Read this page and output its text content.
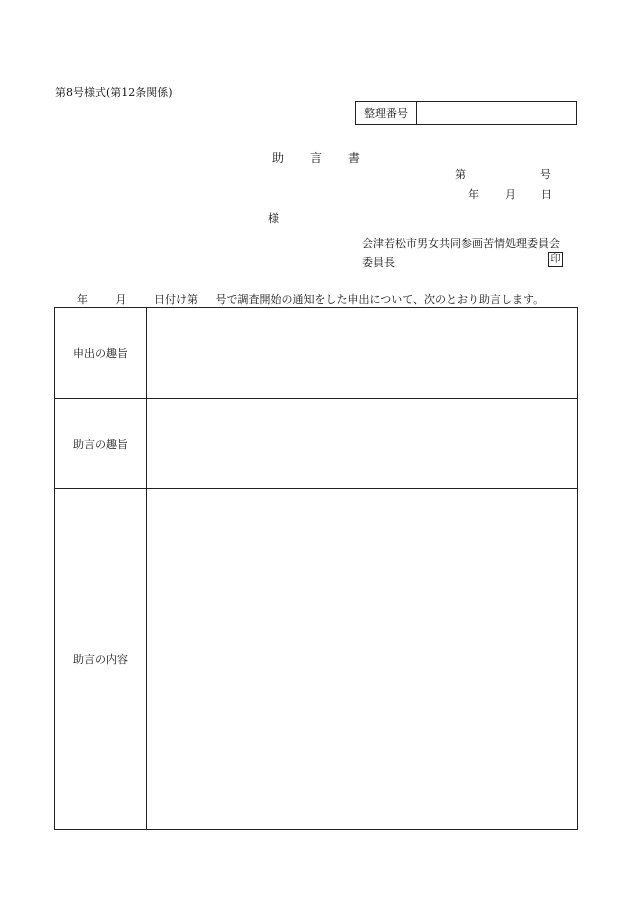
第8号様式(第12条関係)
整理番号
助言書
第	号
年 月 日
様
会津若松市男女共同参画苦情処理委員会
委員長	印
年	月	日付け第 号で調査開始の通知をした申出について、次のとおり助言します。
申出の趣旨
助言の趣旨
助言の内容
